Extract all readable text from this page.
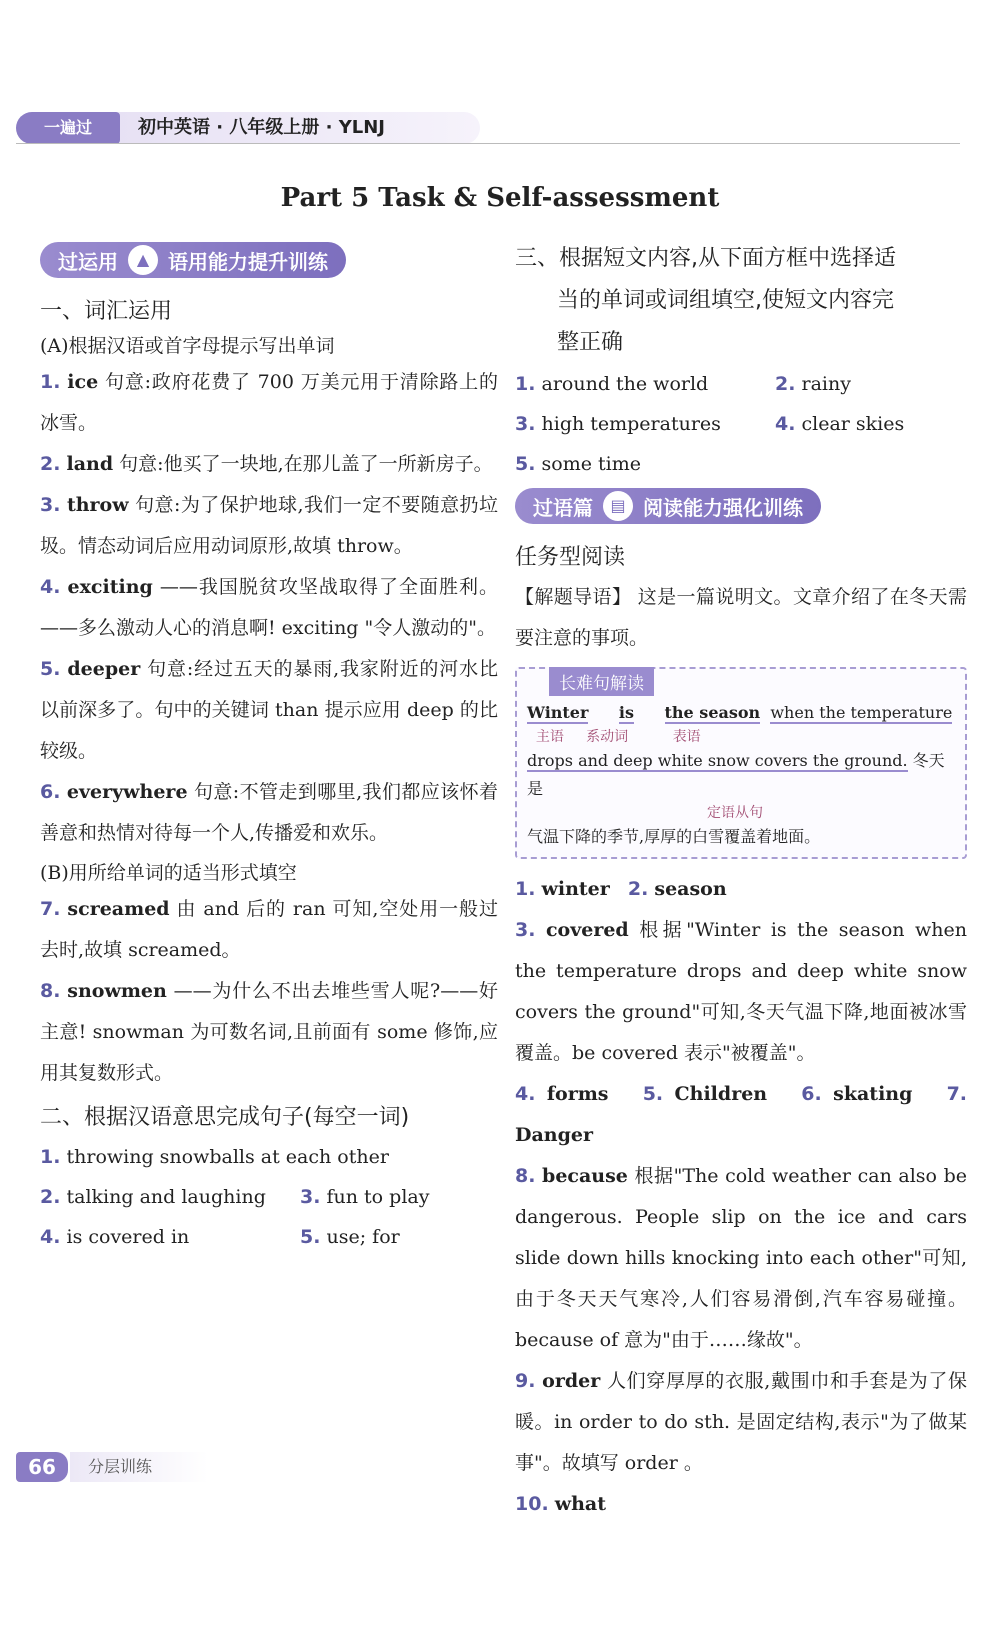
一遍过	初中英语 · 八年级上册 · YLNJ
Part 5 Task & Self-assessment
过运用	▲ 语用能力提升训练
一、词汇运用
(A)根据汉语或首字母提示写出单词

1. ice 句意:政府花费了 700 万美元用于清除路上的冰雪。

2. land 句意:他买了一块地,在那儿盖了一所新房子。

3. throw 句意:为了保护地球,我们一定不要随意扔垃圾。情态动词后应用动词原形,故填 throw。

4. exciting ——我国脱贫攻坚战取得了全面胜利。——多么激动人心的消息啊! exciting "令人激动的"。

5. deeper 句意:经过五天的暴雨,我家附近的河水比以前深多了。句中的关键词 than 提示应用 deep 的比较级。

6. everywhere 句意:不管走到哪里,我们都应该怀着善意和热情对待每一个人,传播爱和欢乐。

(B)用所给单词的适当形式填空

7. screamed 由 and 后的 ran 可知,空处用一般过去时,故填 screamed。

8. snowmen ——为什么不出去堆些雪人呢?——好主意! snowman 为可数名词,且前面有 some 修饰,应用其复数形式。

二、根据汉语意思完成句子(每空一词)
1. throwing snowballs at each other
2. talking and laughing	3. fun to play
4. is covered in	5. use; for

三、根据短文内容,从下面方框中选择适
当的单词或词组填空,使短文内容完
整正确

1. around the world	2. rainy
3. high temperatures	4. clear skies
5. some time
过语篇	▤ 阅读能力强化训练
任务型阅读

【解题导语】 这是一篇说明文。文章介绍了在冬天需要注意的事项。

长难句解读
Winter is the season when the temperature
主语 系动词	表语
drops and deep white snow covers the ground. 冬天是
定语从句
气温下降的季节,厚厚的白雪覆盖着地面。

1. winter 2. season

3. covered 根据"Winter is the season when the temperature drops and deep white snow covers the ground"可知,冬天气温下降,地面被冰雪覆盖。be covered 表示"被覆盖"。

4. forms 5. Children 6. skating 7. Danger

8. because 根据"The cold weather can also be dangerous. People slip on the ice and cars slide down hills knocking into each other"可知,由于冬天天气寒冷,人们容易滑倒,汽车容易碰撞。because of 意为"由于……缘故"。

9. order 人们穿厚厚的衣服,戴围巾和手套是为了保暖。in order to do sth. 是固定结构,表示"为了做某事"。故填写 order 。

10. what

66	分层训练
